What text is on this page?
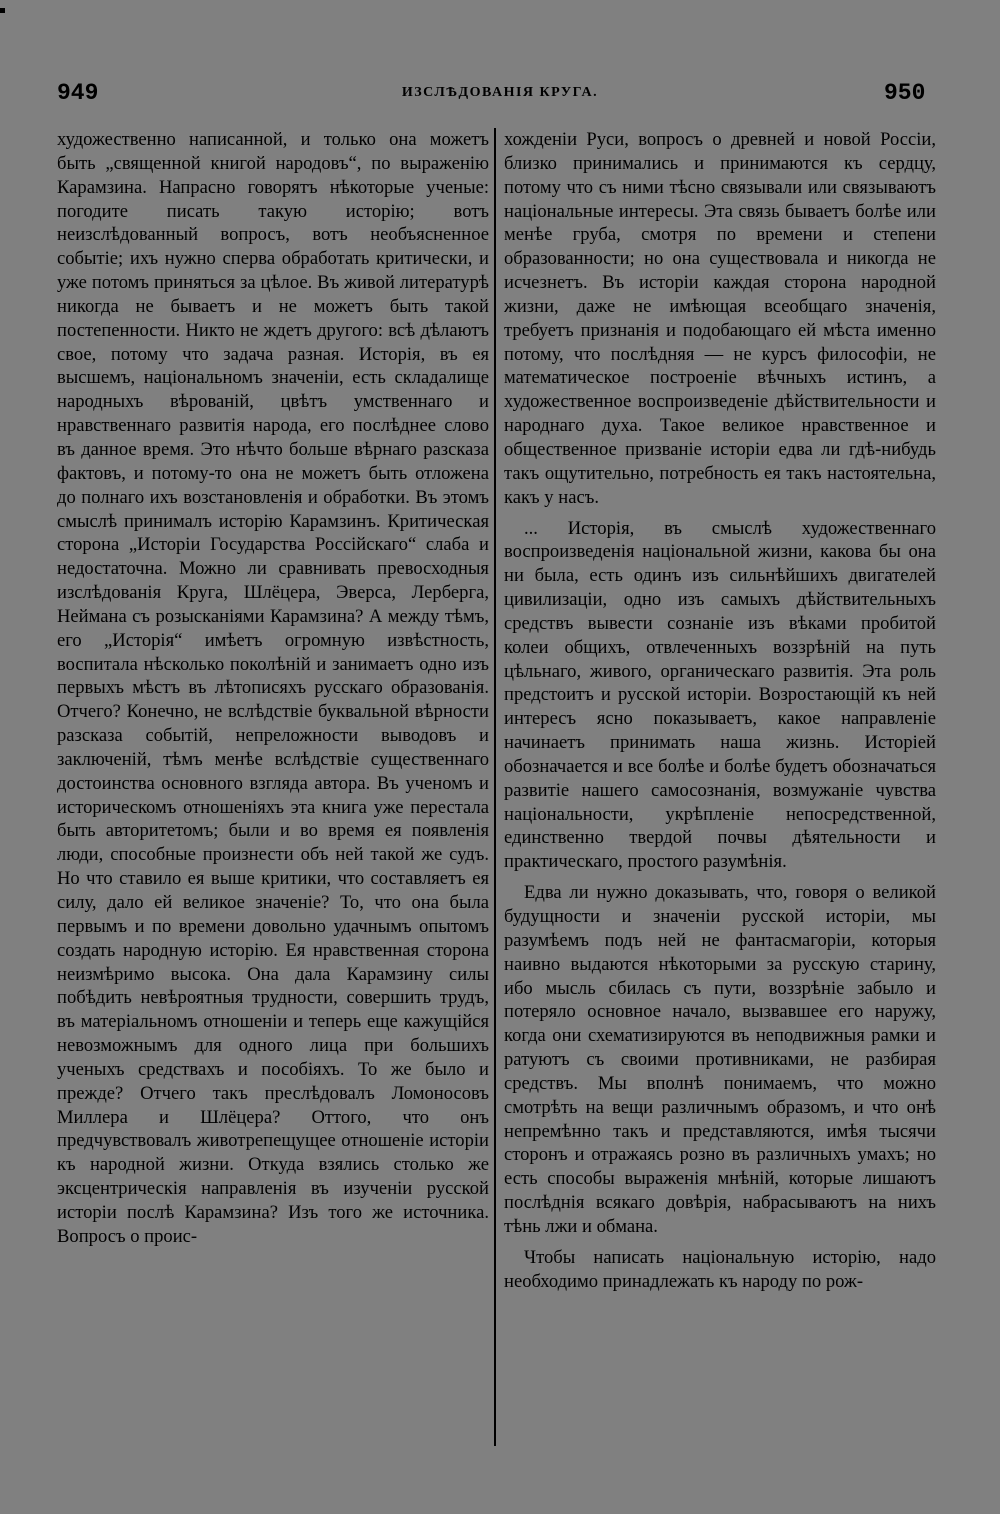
949	ИЗСЛѢДОВАНІЯ КРУГА.	950

художественно написанной, и только она можетъ быть „священной книгой народовъ“, по выраженію Карамзина. Напрасно говорятъ нѣкоторые ученые: погодите писать такую исторію; вотъ неизслѣдованный вопросъ, вотъ необъясненное событіе; ихъ нужно сперва обработать критически, и уже потомъ приняться за цѣлое. Въ живой литературѣ никогда не бываетъ и не можетъ быть такой постепенности. Никто не ждетъ другого: всѣ дѣлаютъ свое, потому что задача разная. Исторія, въ ея высшемъ, національномъ значеніи, есть складалище народныхъ вѣрованій, цвѣтъ умственнаго и нравственнаго развитія народа, его послѣднее слово въ данное время. Это нѣчто больше вѣрнаго разсказа фактовъ, и потому-то она не можетъ быть отложена до полнаго ихъ возстановленія и обработки. Въ этомъ смыслѣ принималъ исторію Карамзинъ. Критическая сторона „Исторіи Государства Россійскаго“ слаба и недостаточна. Можно ли сравнивать превосходныя изслѣдованія Круга, Шлёцера, Эверса, Лерберга, Неймана съ розысканіями Карамзина? А между тѣмъ, его „Исторія“ имѣетъ огромную извѣстность, воспитала нѣсколько поколѣній и занимаетъ одно изъ первыхъ мѣстъ въ лѣтописяхъ русскаго образованія. Отчего? Конечно, не вслѣдствіе буквальной вѣрности разсказа событій, непреложности выводовъ и заключеній, тѣмъ менѣе вслѣдствіе существеннаго достоинства основного взгляда автора. Въ ученомъ и историческомъ отношеніяхъ эта книга уже перестала быть авторитетомъ; были и во время ея появленія люди, способные произнести объ ней такой же судъ. Но что ставило ея выше критики, что составляетъ ея силу, дало ей великое значеніе? То, что она была первымъ и по времени довольно удачнымъ опытомъ создать народную исторію. Ея нравственная сторона неизмѣримо высока. Она дала Карамзину силы побѣдить невѣроятныя трудности, совершить трудъ, въ матеріальномъ отношеніи и теперь еще кажущійся невозможнымъ для одного лица при большихъ ученыхъ средствахъ и пособіяхъ. То же было и прежде? Отчего такъ преслѣдовалъ Ломоносовъ Миллера и Шлёцера? Оттого, что онъ предчувствовалъ животрепещущее отношеніе исторіи къ народной жизни. Откуда взялись столько же эксцентрическія направленія въ изученіи русской исторіи послѣ Карамзина? Изъ того же источника. Вопросъ о проис-

хожденіи Руси, вопросъ о древней и новой Россіи, близко принимались и принимаются къ сердцу, потому что съ ними тѣсно связывали или связываютъ національные интересы. Эта связь бываетъ болѣе или менѣе груба, смотря по времени и степени образованности; но она существовала и никогда не исчезнетъ. Въ исторіи каждая сторона народной жизни, даже не имѣющая всеобщаго значенія, требуетъ признанія и подобающаго ей мѣста именно потому, что послѣдняя — не курсъ философіи, не математическое построеніе вѣчныхъ истинъ, а художественное воспроизведеніе дѣйствительности и народнаго духа. Такое великое нравственное и общественное призваніе исторіи едва ли гдѣ-нибудь такъ ощутительно, потребность ея такъ настоятельна, какъ у насъ.

... Исторія, въ смыслѣ художественнаго воспроизведенія національной жизни, какова бы она ни была, есть одинъ изъ сильнѣйшихъ двигателей цивилизаціи, одно изъ самыхъ дѣйствительныхъ средствъ вывести сознаніе изъ вѣками пробитой колеи общихъ, отвлеченныхъ воззрѣній на путь цѣльнаго, живого, органическаго развитія. Эта роль предстоитъ и русской исторіи. Возростающій къ ней интересъ ясно показываетъ, какое направленіе начинаетъ принимать наша жизнь. Исторіей обозначается и все болѣе и болѣе будетъ обозначаться развитіе нашего самосознанія, возмужаніе чувства національности, укрѣпленіе непосредственной, единственно твердой почвы дѣятельности и практическаго, простого разумѣнія.

Едва ли нужно доказывать, что, говоря о великой будущности и значеніи русской исторіи, мы разумѣемъ подъ ней не фантасмагоріи, которыя наивно выдаются нѣкоторыми за русскую старину, ибо мысль сбилась съ пути, воззрѣніе забыло и потеряло основное начало, вызвавшее его наружу, когда они схематизируются въ неподвижныя рамки и ратуютъ съ своими противниками, не разбирая средствъ. Мы вполнѣ понимаемъ, что можно смотрѣть на вещи различнымъ образомъ, и что онѣ непремѣнно такъ и представляются, имѣя тысячи сторонъ и отражаясь розно въ различныхъ умахъ; но есть способы выраженія мнѣній, которые лишаютъ послѣднія всякаго довѣрія, набрасываютъ на нихъ тѣнь лжи и обмана.

Чтобы написать національную исторію, надо необходимо принадлежать къ народу по рож-
